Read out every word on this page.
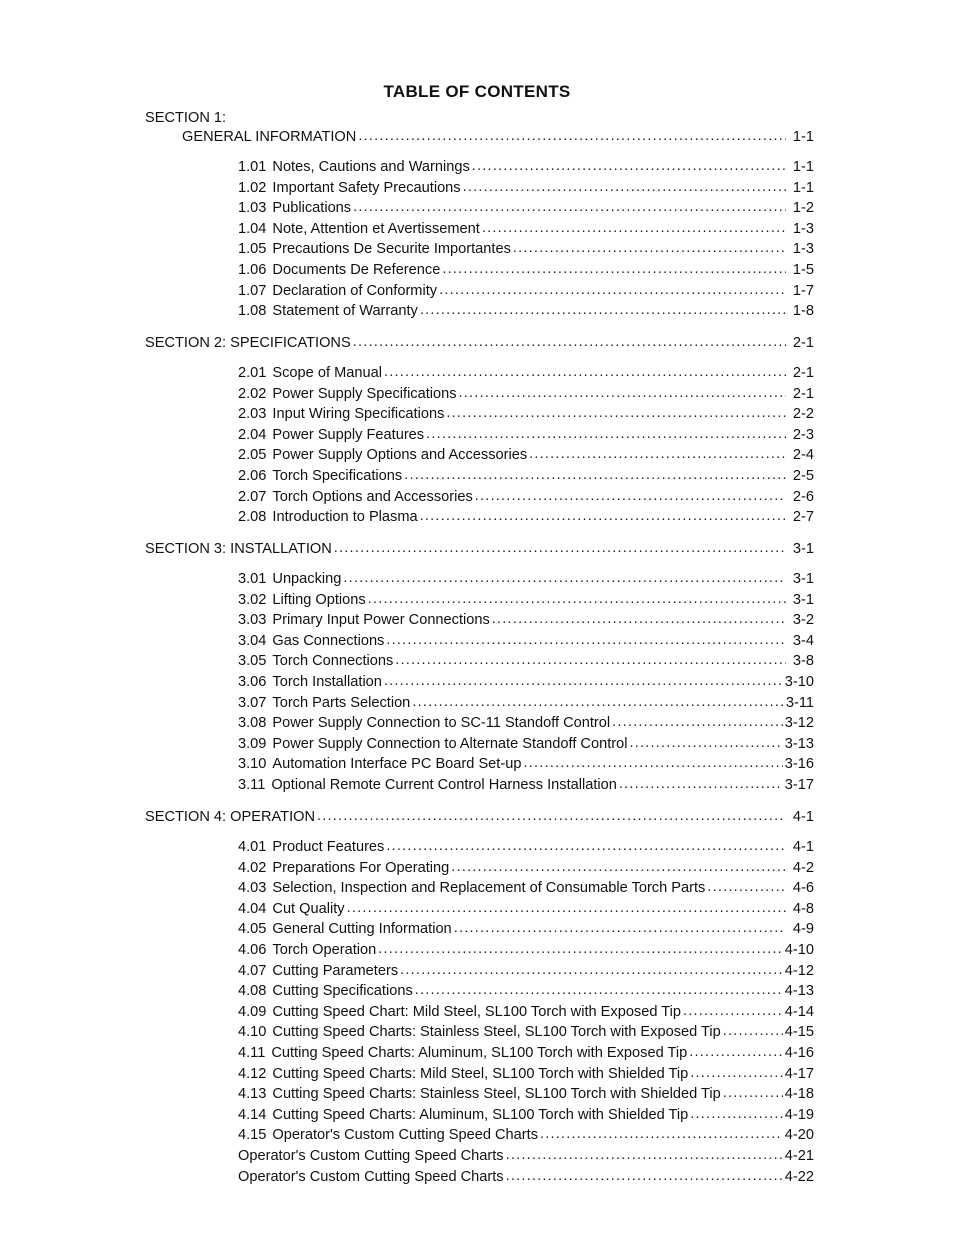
TABLE OF CONTENTS
SECTION 1:
GENERAL INFORMATION .....	1-1
1.01 Notes, Cautions and Warnings .....	1-1
1.02 Important Safety Precautions .....	1-1
1.03 Publications .....	1-2
1.04 Note, Attention et Avertissement .....	1-3
1.05 Precautions De Securite Importantes .....	1-3
1.06 Documents De Reference .....	1-5
1.07 Declaration of Conformity .....	1-7
1.08 Statement of Warranty .....	1-8
SECTION 2: SPECIFICATIONS .....	2-1
2.01 Scope of Manual .....	2-1
2.02 Power Supply Specifications .....	2-1
2.03 Input Wiring Specifications .....	2-2
2.04 Power Supply Features .....	2-3
2.05 Power Supply Options and Accessories .....	2-4
2.06 Torch Specifications .....	2-5
2.07 Torch Options and Accessories .....	2-6
2.08 Introduction to Plasma .....	2-7
SECTION 3: INSTALLATION .....	3-1
3.01 Unpacking .....	3-1
3.02 Lifting Options .....	3-1
3.03 Primary Input Power Connections .....	3-2
3.04 Gas Connections .....	3-4
3.05 Torch Connections .....	3-8
3.06 Torch Installation .....	3-10
3.07 Torch Parts Selection .....	3-11
3.08 Power Supply Connection to SC-11 Standoff Control .....	3-12
3.09 Power Supply Connection to Alternate Standoff Control .....	3-13
3.10 Automation Interface PC Board Set-up .....	3-16
3.11 Optional Remote Current Control Harness Installation .....	3-17
SECTION 4: OPERATION .....	4-1
4.01 Product Features .....	4-1
4.02 Preparations For Operating .....	4-2
4.03 Selection, Inspection and Replacement of Consumable Torch Parts .....	4-6
4.04 Cut Quality .....	4-8
4.05 General Cutting Information .....	4-9
4.06 Torch Operation .....	4-10
4.07 Cutting Parameters .....	4-12
4.08 Cutting Specifications .....	4-13
4.09 Cutting Speed Chart: Mild Steel, SL100 Torch with Exposed Tip .....	4-14
4.10 Cutting Speed Charts: Stainless Steel, SL100 Torch with Exposed Tip .....	4-15
4.11 Cutting Speed Charts: Aluminum, SL100 Torch with Exposed Tip .....	4-16
4.12 Cutting Speed Charts: Mild Steel, SL100 Torch with Shielded Tip .....	4-17
4.13 Cutting Speed Charts: Stainless Steel, SL100 Torch with Shielded Tip .....	4-18
4.14 Cutting Speed Charts: Aluminum, SL100 Torch with Shielded Tip .....	4-19
4.15 Operator's Custom Cutting Speed Charts .....	4-20
Operator's Custom Cutting Speed Charts .....	4-21
Operator's Custom Cutting Speed Charts .....	4-22
